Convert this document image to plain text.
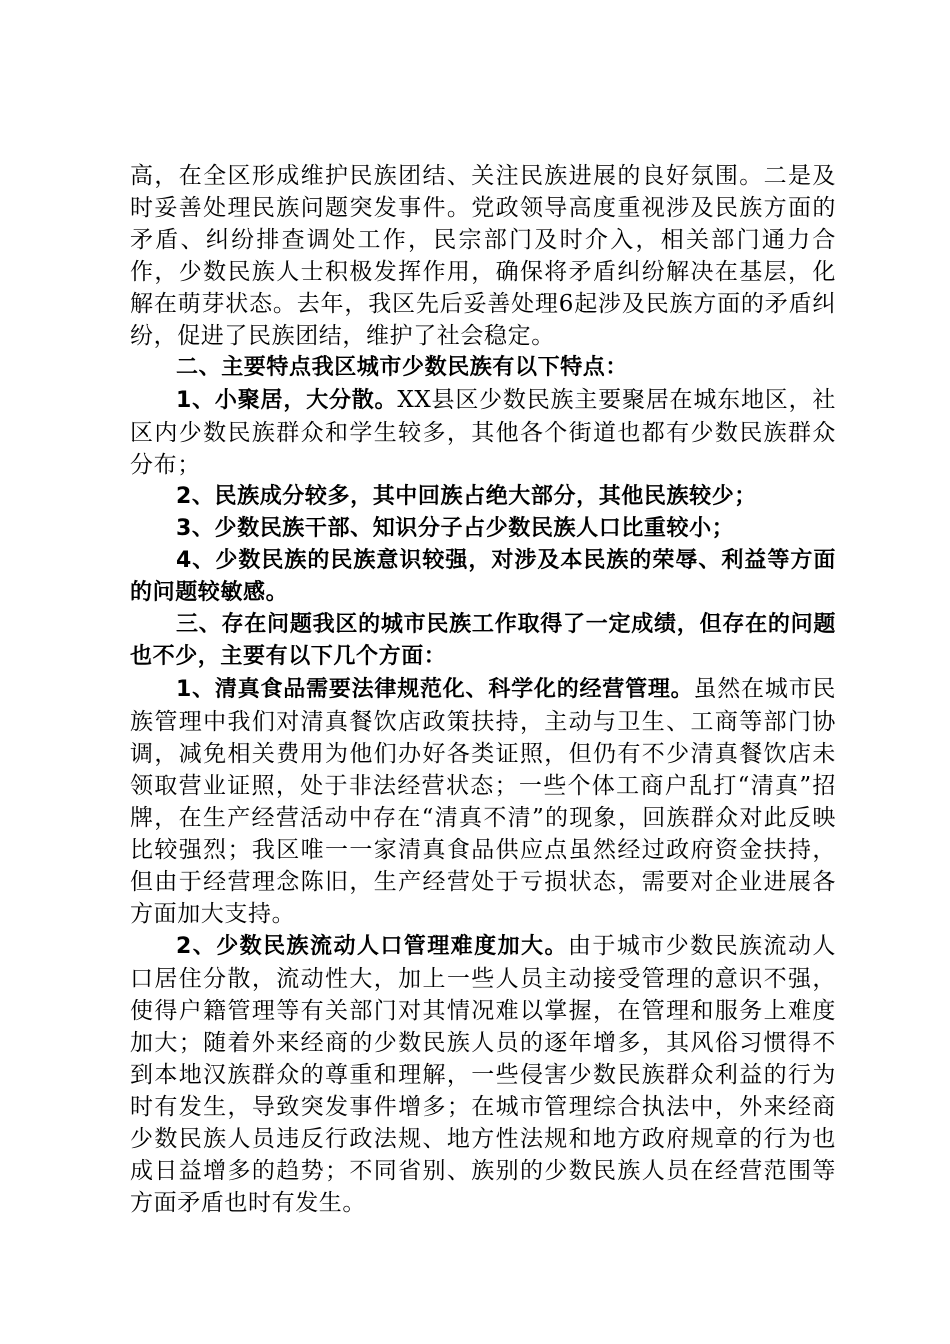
高，在全区形成维护民族团结、关注民族进展的良好氛围。二是及时妥善处理民族问题突发事件。党政领导高度重视涉及民族方面的矛盾、纠纷排查调处工作，民宗部门及时介入，相关部门通力合作，少数民族人士积极发挥作用，确保将矛盾纠纷解决在基层，化解在萌芽状态。去年，我区先后妥善处理6起涉及民族方面的矛盾纠纷，促进了民族团结，维护了社会稳定。

二、主要特点我区城市少数民族有以下特点：

1、小聚居，大分散。XX县区少数民族主要聚居在城东地区，社区内少数民族群众和学生较多，其他各个街道也都有少数民族群众分布；

2、民族成分较多，其中回族占绝大部分，其他民族较少；

3、少数民族干部、知识分子占少数民族人口比重较小；

4、少数民族的民族意识较强，对涉及本民族的荣辱、利益等方面的问题较敏感。

三、存在问题我区的城市民族工作取得了一定成绩，但存在的问题也不少，主要有以下几个方面：

1、清真食品需要法律规范化、科学化的经营管理。虽然在城市民族管理中我们对清真餐饮店政策扶持，主动与卫生、工商等部门协调，减免相关费用为他们办好各类证照，但仍有不少清真餐饮店未领取营业证照，处于非法经营状态；一些个体工商户乱打“清真”招牌，在生产经营活动中存在“清真不清”的现象，回族群众对此反映比较强烈；我区唯一一家清真食品供应点虽然经过政府资金扶持，但由于经营理念陈旧，生产经营处于亏损状态，需要对企业进展各方面加大支持。

2、少数民族流动人口管理难度加大。由于城市少数民族流动人口居住分散，流动性大，加上一些人员主动接受管理的意识不强，使得户籍管理等有关部门对其情况难以掌握，在管理和服务上难度加大；随着外来经商的少数民族人员的逐年增多，其风俗习惯得不到本地汉族群众的尊重和理解，一些侵害少数民族群众利益的行为时有发生，导致突发事件增多；在城市管理综合执法中，外来经商少数民族人员违反行政法规、地方性法规和地方政府规章的行为也成日益增多的趋势；不同省别、族别的少数民族人员在经营范围等方面矛盾也时有发生。
